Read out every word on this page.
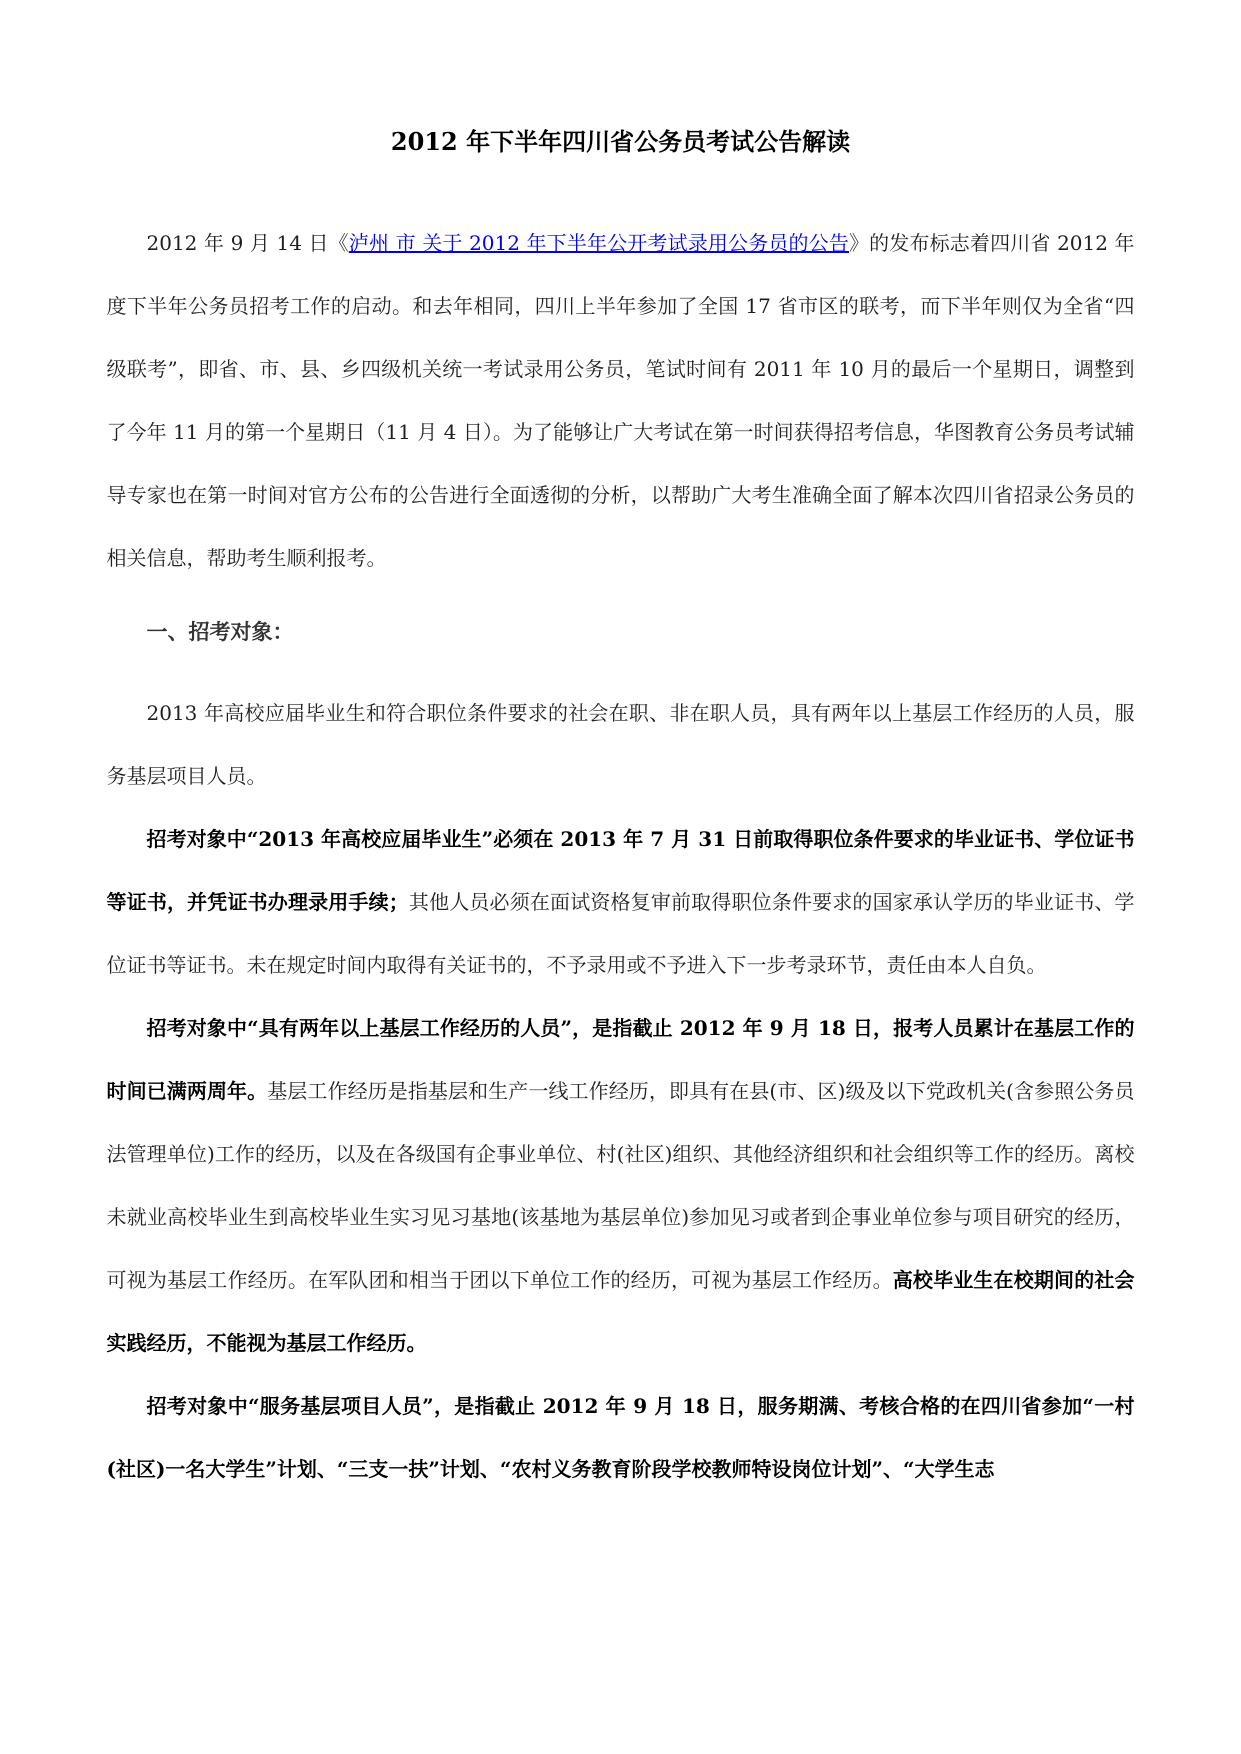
2012 年下半年四川省公务员考试公告解读

2012 年 9 月 14 日《泸州 市 关于 2012 年下半年公开考试录用公务员的公告》的发布标志着四川省 2012 年度下半年公务员招考工作的启动。和去年相同，四川上半年参加了全国 17 省市区的联考，而下半年则仅为全省“四级联考”，即省、市、县、乡四级机关统一考试录用公务员，笔试时间有 2011 年 10 月的最后一个星期日，调整到了今年 11 月的第一个星期日（11 月 4 日）。为了能够让广大考试在第一时间获得招考信息，华图教育公务员考试辅导专家也在第一时间对官方公布的公告进行全面透彻的分析，以帮助广大考生准确全面了解本次四川省招录公务员的相关信息，帮助考生顺利报考。

一、招考对象：

2013 年高校应届毕业生和符合职位条件要求的社会在职、非在职人员，具有两年以上基层工作经历的人员，服务基层项目人员。

招考对象中“2013 年高校应届毕业生”必须在 2013 年 7 月 31 日前取得职位条件要求的毕业证书、学位证书等证书，并凭证书办理录用手续；其他人员必须在面试资格复审前取得职位条件要求的国家承认学历的毕业证书、学位证书等证书。未在规定时间内取得有关证书的，不予录用或不予进入下一步考录环节，责任由本人自负。

招考对象中“具有两年以上基层工作经历的人员”，是指截止 2012 年 9 月 18 日，报考人员累计在基层工作的时间已满两周年。基层工作经历是指基层和生产一线工作经历，即具有在县(市、区)级及以下党政机关(含参照公务员法管理单位)工作的经历，以及在各级国有企事业单位、村(社区)组织、其他经济组织和社会组织等工作的经历。离校未就业高校毕业生到高校毕业生实习见习基地(该基地为基层单位)参加见习或者到企事业单位参与项目研究的经历，可视为基层工作经历。在军队团和相当于团以下单位工作的经历，可视为基层工作经历。高校毕业生在校期间的社会实践经历，不能视为基层工作经历。

招考对象中“服务基层项目人员”，是指截止 2012 年 9 月 18 日，服务期满、考核合格的在四川省参加“一村(社区)一名大学生”计划、“三支一扶”计划、“农村义务教育阶段学校教师特设岗位计划”、“大学生志
